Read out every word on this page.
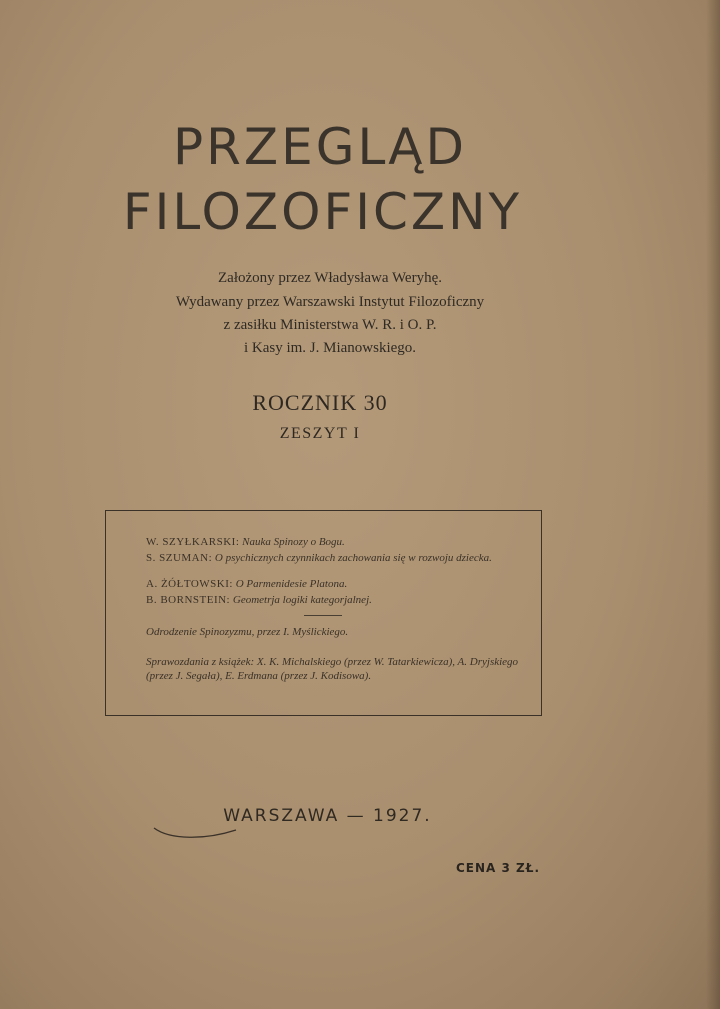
PRZEGLĄD
FILOZOFICZNY
Założony przez Władysława Weryhę.
Wydawany przez Warszawski Instytut Filozoficzny
z zasiłku Ministerstwa W. R. i O. P.
i Kasy im. J. Mianowskiego.
ROCZNIK 30
ZESZYT I
W. SZYŁKARSKI: Nauka Spinozy o Bogu.
S. SZUMAN: O psychicznych czynnikach zachowania się w rozwoju dziecka.
A. ŻÓŁTOWSKI: O Parmenidesie Platona.
B. BORNSTEIN: Geometrja logiki kategorjalnej.
Odrodzenie Spinozyzmu, przez I. Myślickiego.
Sprawozdania z książek: X. K. Michalskiego (przez W. Tatarkiewicza), A. Dryjskiego (przez J. Segała), E. Erdmana (przez J. Kodisowa).
WARSZAWA — 1927.
CENA 3 ZŁ.
